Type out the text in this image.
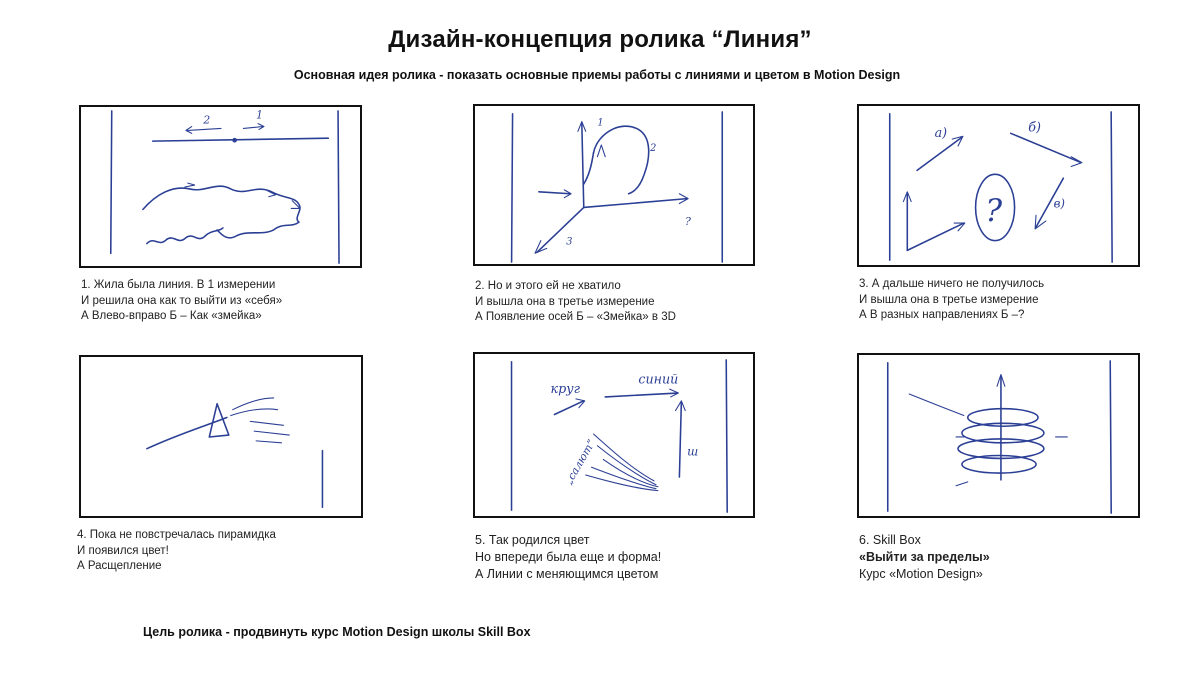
Дизайн-концепция ролика “Линия”
Основная идея ролика - показать основные приемы работы с линиями и цветом в Motion Design
2	1
1. Жила была линия. В 1 измерении
И решила она как то выйти из «себя»
А Влево-вправо Б – Как «змейка»
1
2
3
?
2. Но и этого ей не хватило
И вышла она в третье измерение
А Появление осей Б – «Змейка» в 3D
?
а)	б)
в)
3. А дальше ничего не получилось
И вышла она в третье измерение
А В разных направлениях Б –?
4. Пока не повстречалась пирамидка
И появился цвет!
А Расщепление
круг
синий
„салют”	ш
5. Так родился цвет
Но впереди была еще и форма!
А Линии с меняющимся цветом
6. Skill Box
«Выйти за пределы»
Курс «Motion Design»
Цель ролика - продвинуть курс Motion Design школы Skill Box
